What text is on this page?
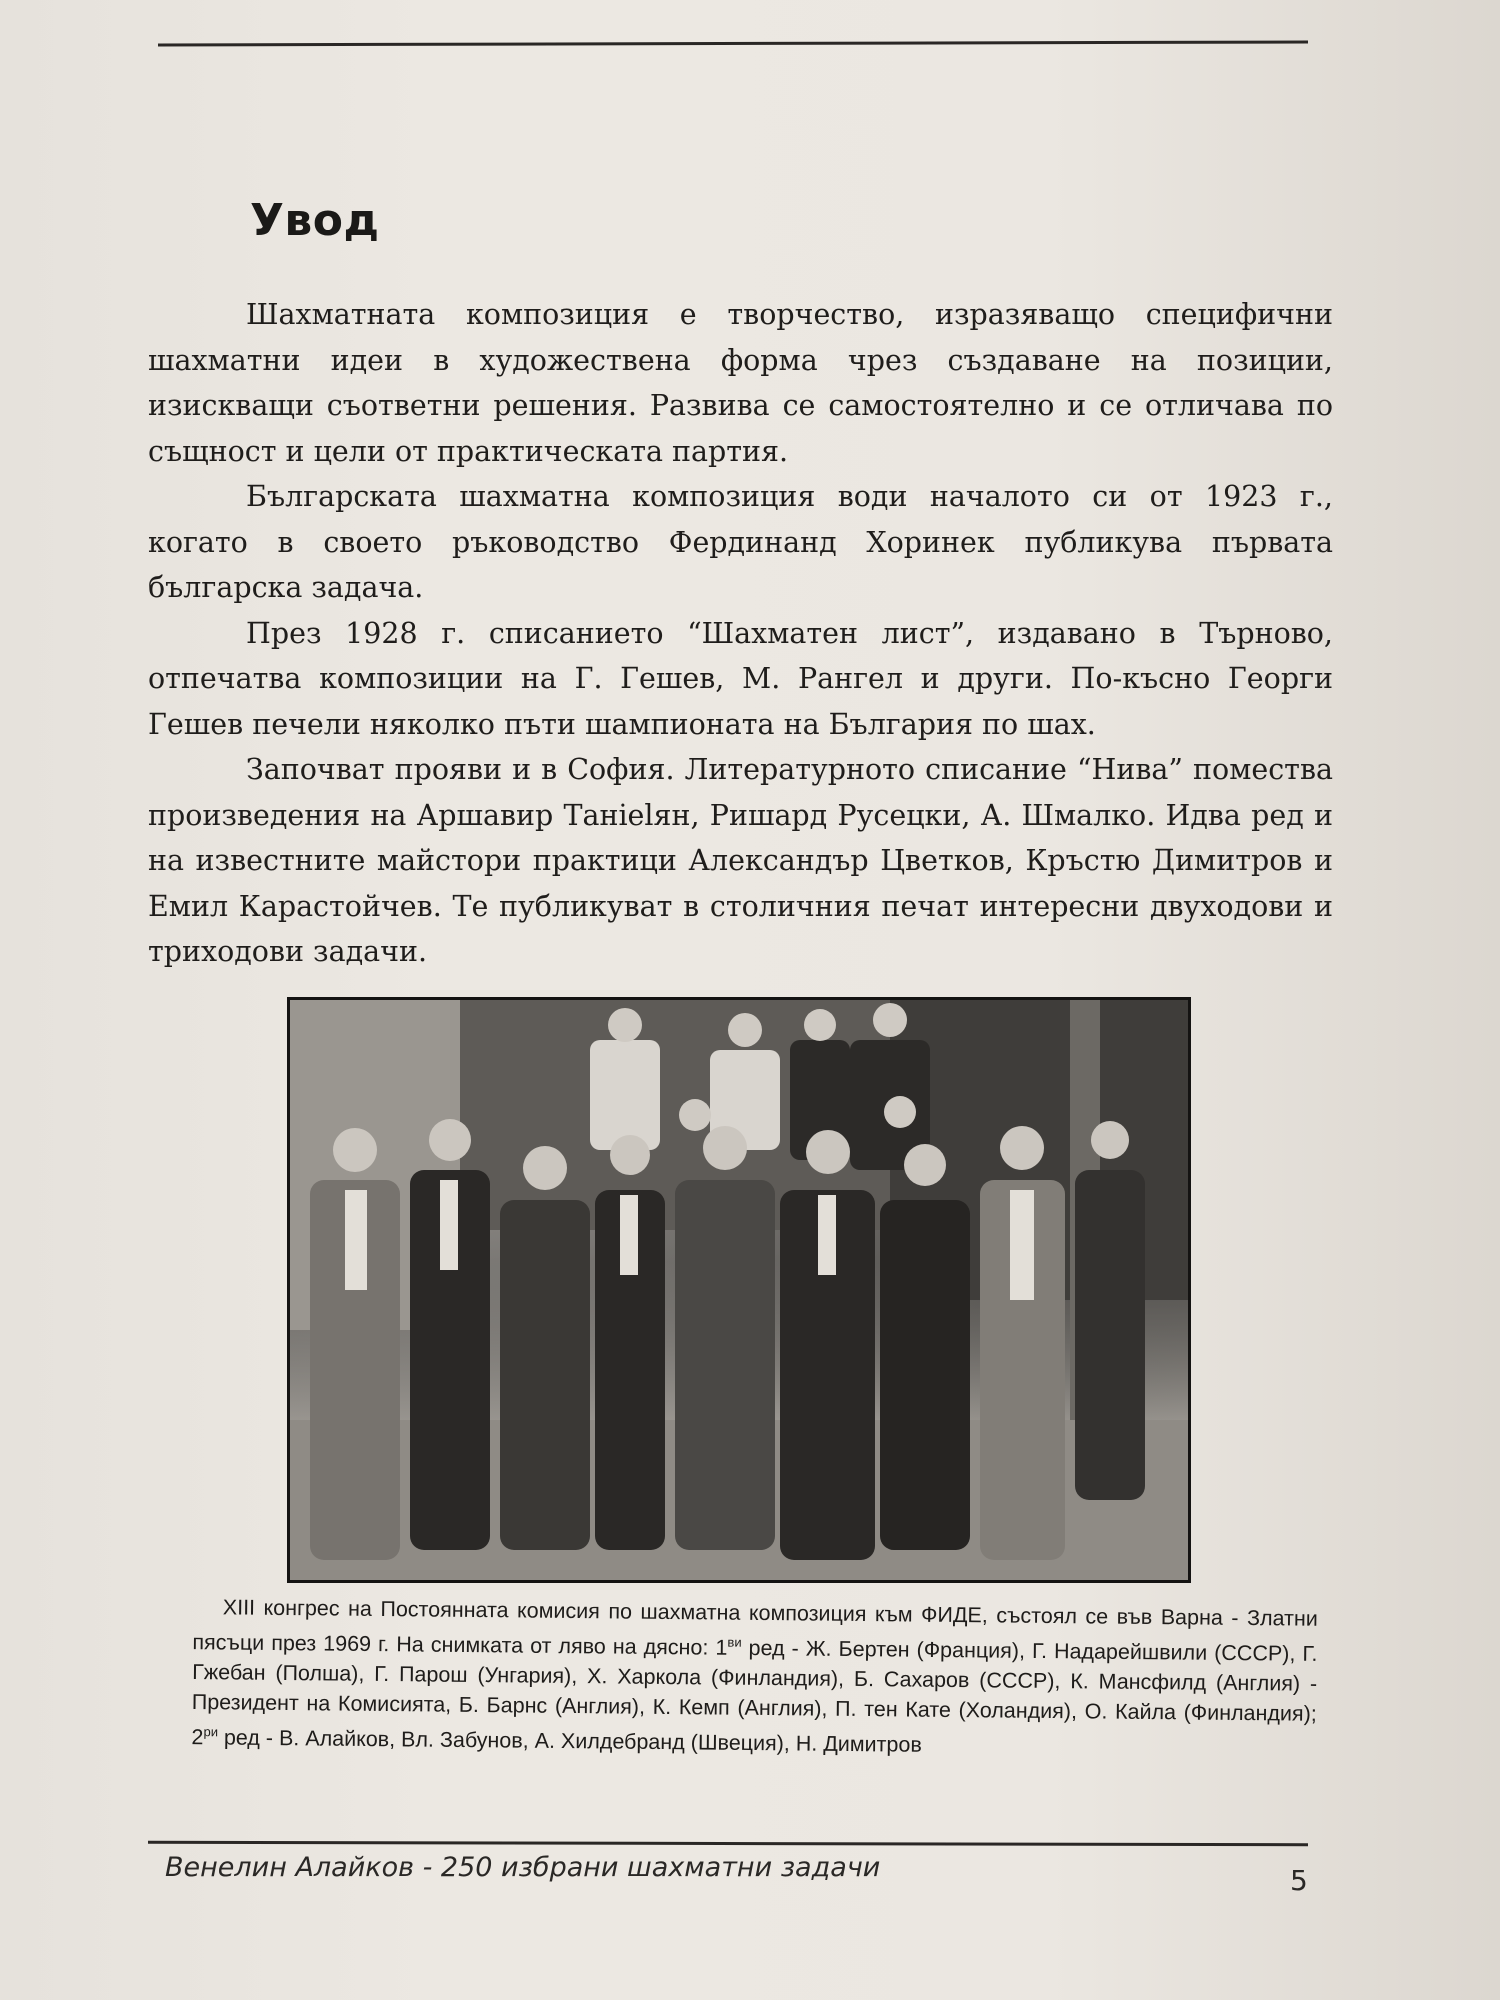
Увод

Шахматната композиция е творчество, изразяващо специфични шахматни идеи в художествена форма чрез създаване на позиции, изискващи съответни решения. Развива се самостоятелно и се отличава по същност и цели от практическата партия.

Българската шахматна композиция води началото си от 1923 г., когато в своето ръководство Фердинанд Хоринек публикува първата българска задача.

През 1928 г. списанието “Шахматен лист”, издавано в Търново, отпечатва композиции на Г. Гешев, М. Рангел и други. По-късно Георги Гешев печели няколко пъти шампионата на България по шах.

Започват прояви и в София. Литературното списание “Нива” помества произведения на Аршавир Танielян, Ришард Русецки, А. Шмалко. Идва ред и на известните майстори практици Александър Цветков, Кръстю Димитров и Емил Карастойчев. Те публикуват в столичния печат интересни двуходови и триходови задачи.

XIII конгрес на Постоянната комисия по шахматна композиция към ФИДЕ, състоял се във Варна - Златни пясъци през 1969 г. На снимката от ляво на дясно: $1^{ви}$ ред - Ж. Бертен (Франция), Г. Надарейшвили (СССР), Г. Гжебан (Полша), Г. Парош (Унгария), Х. Харкола (Финландия), Б. Сахаров (СССР), К. Мансфилд (Англия) - Президент на Комисията, Б. Барнс (Англия), К. Кемп (Англия), П. тен Кате (Холандия), О. Кайла (Финландия); $2^{ри}$ ред - В. Алайков, Вл. Забунов, А. Хилдебранд (Швеция), Н. Димитров

Венелин Алайков - 250 избрани шахматни задачи	5
